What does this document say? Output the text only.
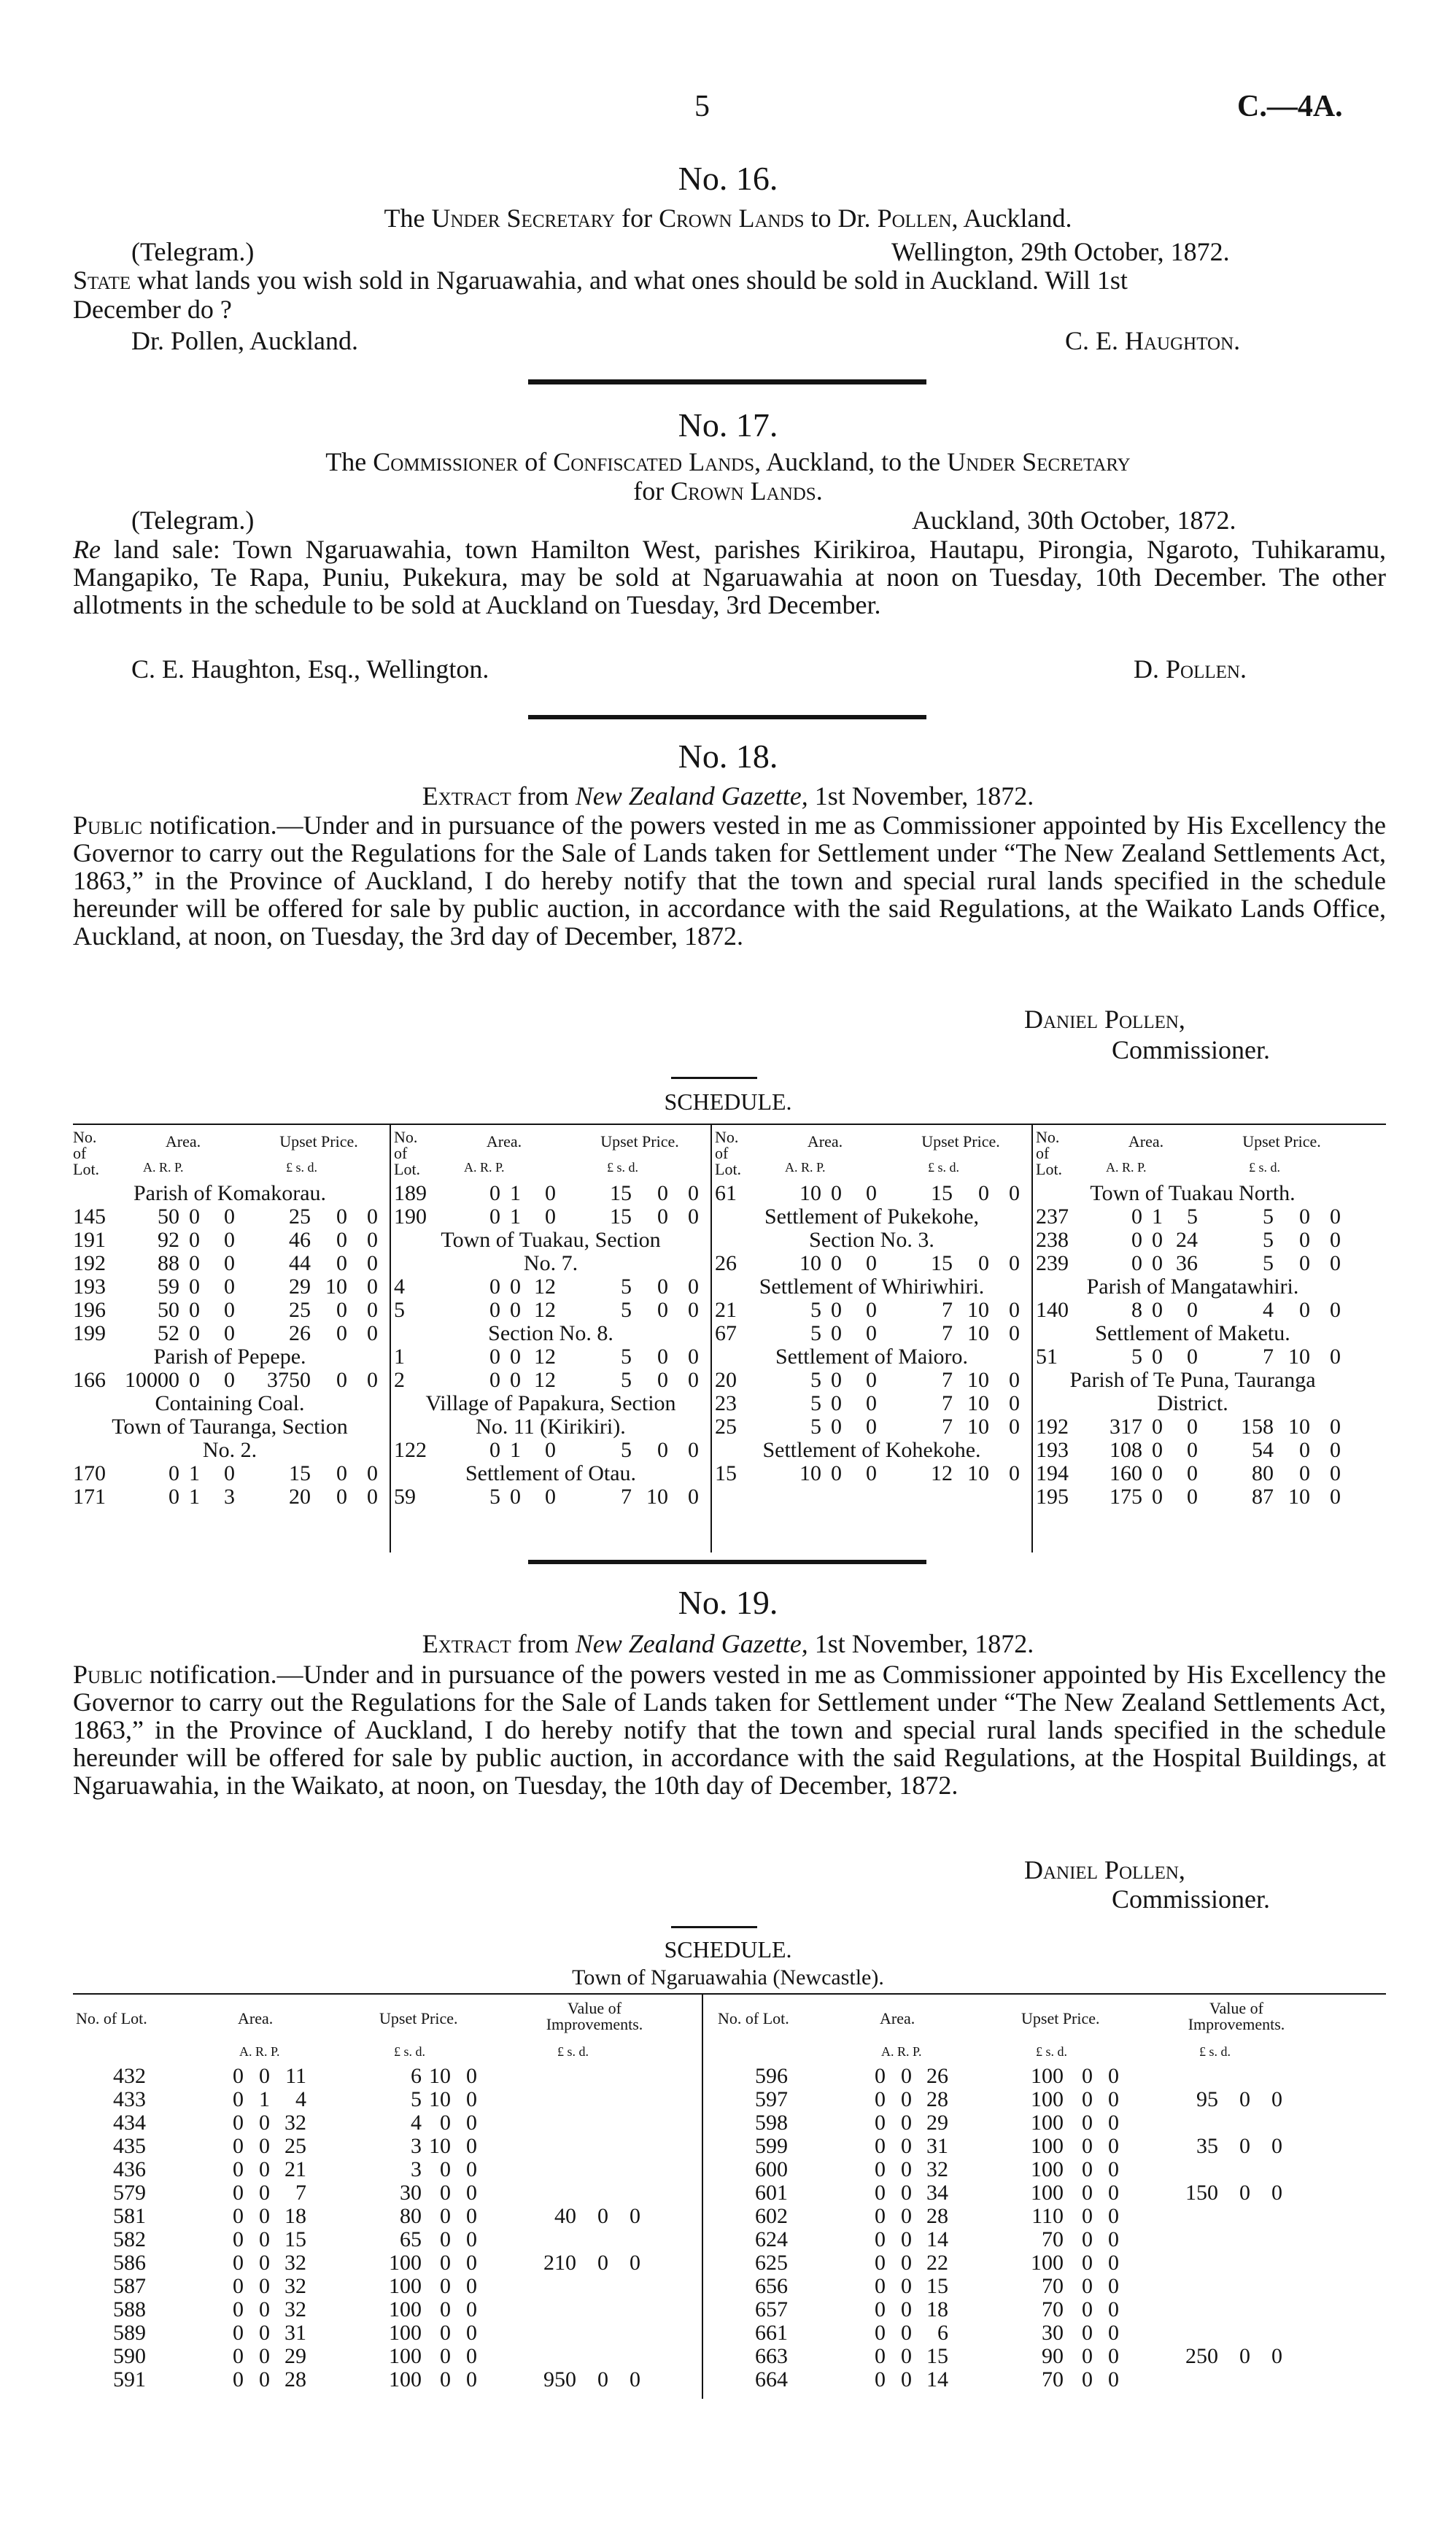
5	C.—4A.
No. 16.
The Under Secretary for Crown Lands to Dr. Pollen, Auckland.
(Telegram.)	Wellington, 29th October, 1872.
State what lands you wish sold in Ngaruawahia, and what ones should be sold in Auckland. Will 1st
December do ?
Dr. Pollen, Auckland.	C. E. Haughton.
No. 17.
The Commissioner of Confiscated Lands, Auckland, to the Under Secretary
for Crown Lands.
(Telegram.)	Auckland, 30th October, 1872.
Re land sale: Town Ngaruawahia, town Hamilton West, parishes Kirikiroa, Hautapu, Pirongia, Ngaroto, Tuhikaramu, Mangapiko, Te Rapa, Puniu, Pukekura, may be sold at Ngaruawahia at noon on Tuesday, 10th December. The other allotments in the schedule to be sold at Auckland on Tuesday, 3rd December.
C. E. Haughton, Esq., Wellington.	D. Pollen.
No. 18.
Extract from New Zealand Gazette, 1st November, 1872.
Public notification.—Under and in pursuance of the powers vested in me as Commissioner appointed by His Excellency the Governor to carry out the Regulations for the Sale of Lands taken for Settlement under “The New Zealand Settlements Act, 1863,” in the Province of Auckland, I do hereby notify that the town and special rural lands specified in the schedule hereunder will be offered for sale by public auction, in accordance with the said Regulations, at the Waikato Lands Office, Auckland, at noon, on Tuesday, the 3rd day of December, 1872.
Daniel Pollen,
Commissioner.
SCHEDULE.
No. of Lot.
Area.	Upset Price.
A. R. P.	£ s. d.
Parish of Komakorau.
145	50 0	0	25	0 0
191	92 0	0	46	0 0
192	88 0	0	44	0 0
193	59 0	0	29 10 0
196	50 0	0	25	0 0
199	52 0	0	26	0 0
Parish of Pepepe.
166 10000 0	0	3750	0 0
Containing Coal.
Town of Tauranga, Section
No. 2.
170	0 1	0	15	0 0
171	0 1	3	20	0 0
No. of Lot.
Area.	Upset Price.
A. R. P.	£ s. d.
189	0 1	0	15	0 0
190	0 1	0	15	0 0
Town of Tuakau, Section
No. 7.
4	0 0 12	5	0 0
5	0 0 12	5	0 0
Section No. 8.
1	0 0 12	5	0 0
2	0 0 12	5	0 0
Village of Papakura, Section
No. 11 (Kirikiri).
122	0 1	0	5	0 0
Settlement of Otau.
59	5 0	0	7 10 0
No. of Lot.
Area.	Upset Price.
A. R. P.	£ s. d.
61	10 0	0	15	0 0
Settlement of Pukekohe,
Section No. 3.
26	10 0	0	15	0 0
Settlement of Whiriwhiri.
21	5 0	0	7 10 0
67	5 0	0	7 10 0
Settlement of Maioro.
20	5 0	0	7 10 0
23	5 0	0	7 10 0
25	5 0	0	7 10 0
Settlement of Kohekohe.
15	10 0	0	12 10 0
No. of Lot.
Area.	Upset Price.
A. R. P.	£ s. d.
Town of Tuakau North.
237	0 1	5	5	0 0
238	0 0 24	5	0 0
239	0 0 36	5	0 0
Parish of Mangatawhiri.
140	8 0	0	4	0 0
Settlement of Maketu.
51	5 0	0	7 10 0
Parish of Te Puna, Tauranga
District.
192	317 0	0	158 10 0
193	108 0	0	54	0 0
194	160 0	0	80	0 0
195	175 0	0	87 10 0
No. 19.
Extract from New Zealand Gazette, 1st November, 1872.
Public notification.—Under and in pursuance of the powers vested in me as Commissioner appointed by His Excellency the Governor to carry out the Regulations for the Sale of Lands taken for Settlement under “The New Zealand Settlements Act, 1863,” in the Province of Auckland, I do hereby notify that the town and special rural lands specified in the schedule hereunder will be offered for sale by public auction, in accordance with the said Regulations, at the Hospital Buildings, at Ngaruawahia, in the Waikato, at noon, on Tuesday, the 10th day of December, 1872.
Daniel Pollen,
Commissioner.
SCHEDULE.
Town of Ngaruawahia (Newcastle).
No. of Lot.	Area.	Upset Price.
Value of
Improvements.
A. R. P.	£ s. d.	£ s. d.
432	0 0 11	6 10 0
433	0 1	4	5 10 0
434	0 0 32	4 0 0
435	0 0 25	3 10 0
436	0 0 21	3 0 0
579	0 0	7	30 0 0
581	0 0 18	80 0 0	40 0 0
582	0 0 15	65 0 0
586	0 0 32	100 0 0	210 0 0
587	0 0 32	100 0 0
588	0 0 32	100 0 0
589	0 0 31	100 0 0
590	0 0 29	100 0 0
591	0 0 28	100 0 0	950 0 0
No. of Lot.	Area.	Upset Price.
Value of
Improvements.
A. R. P.	£ s. d.	£ s. d.
596	0 0 26	100 0 0
597	0 0 28	100 0 0	95 0 0
598	0 0 29	100 0 0
599	0 0 31	100 0 0	35 0 0
600	0 0 32	100 0 0
601	0 0 34	100 0 0	150 0 0
602	0 0 28	110 0 0
624	0 0 14	70 0 0
625	0 0 22	100 0 0
656	0 0 15	70 0 0
657	0 0 18	70 0 0
661	0 0	6	30 0 0
663	0 0 15	90 0 0	250 0 0
664	0 0 14	70 0 0
